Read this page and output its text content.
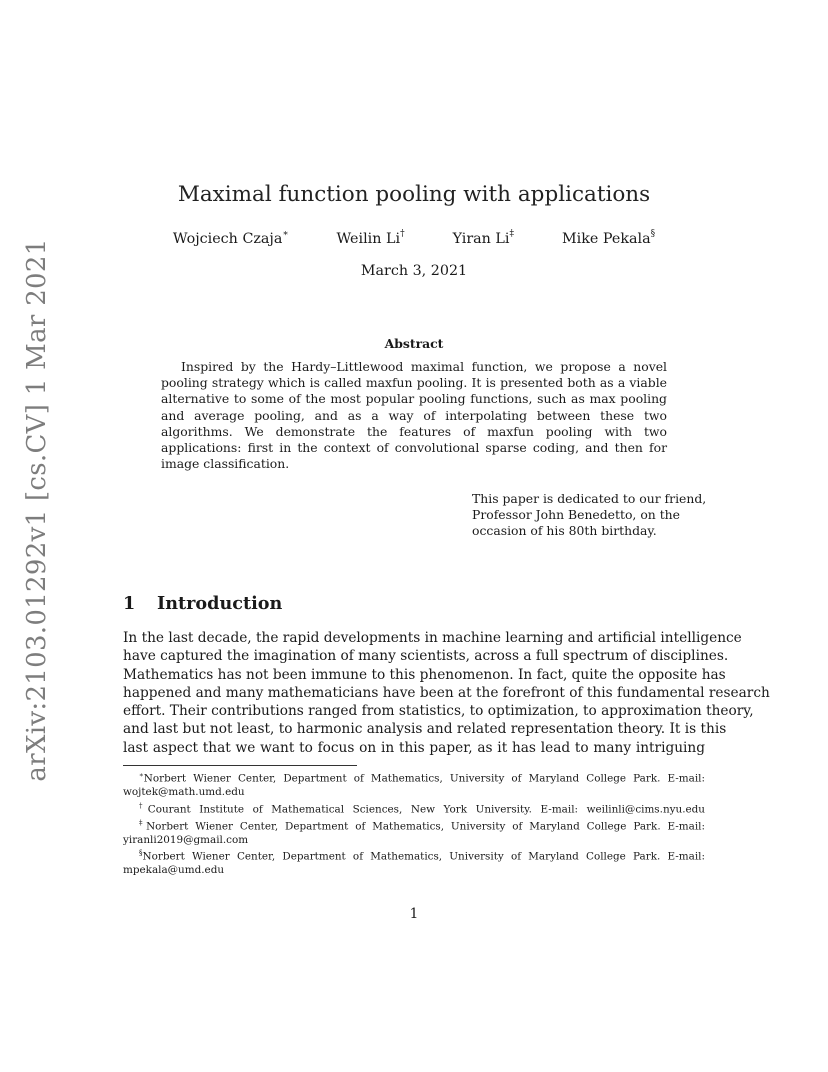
arXiv:2103.01292v1 [cs.CV] 1 Mar 2021
Maximal function pooling with applications
Wojciech Czaja∗	Weilin Li†	Yiran Li‡	Mike Pekala§
March 3, 2021
Abstract
Inspired by the Hardy–Littlewood maximal function, we propose a novel pooling strategy which is called maxfun pooling. It is presented both as a viable alternative to some of the most popular pooling functions, such as max pooling and average pooling, and as a way of interpolating between these two algorithms. We demonstrate the features of maxfun pooling with two applications: first in the context of convolutional sparse coding, and then for image classification.
This paper is dedicated to our friend,
Professor John Benedetto, on the
occasion of his 80th birthday.
1 Introduction
In the last decade, the rapid developments in machine learning and artificial intelligence
have captured the imagination of many scientists, across a full spectrum of disciplines.
Mathematics has not been immune to this phenomenon. In fact, quite the opposite has
happened and many mathematicians have been at the forefront of this fundamental research
effort. Their contributions ranged from statistics, to optimization, to approximation theory,
and last but not least, to harmonic analysis and related representation theory. It is this
last aspect that we want to focus on in this paper, as it has lead to many intriguing
∗Norbert Wiener Center, Department of Mathematics, University of Maryland College Park. E-mail:
wojtek@math.umd.edu
†Courant Institute of Mathematical Sciences, New York University. E-mail: weilinli@cims.nyu.edu
‡Norbert Wiener Center, Department of Mathematics, University of Maryland College Park. E-mail:
yiranli2019@gmail.com
§Norbert Wiener Center, Department of Mathematics, University of Maryland College Park. E-mail:
mpekala@umd.edu
1
